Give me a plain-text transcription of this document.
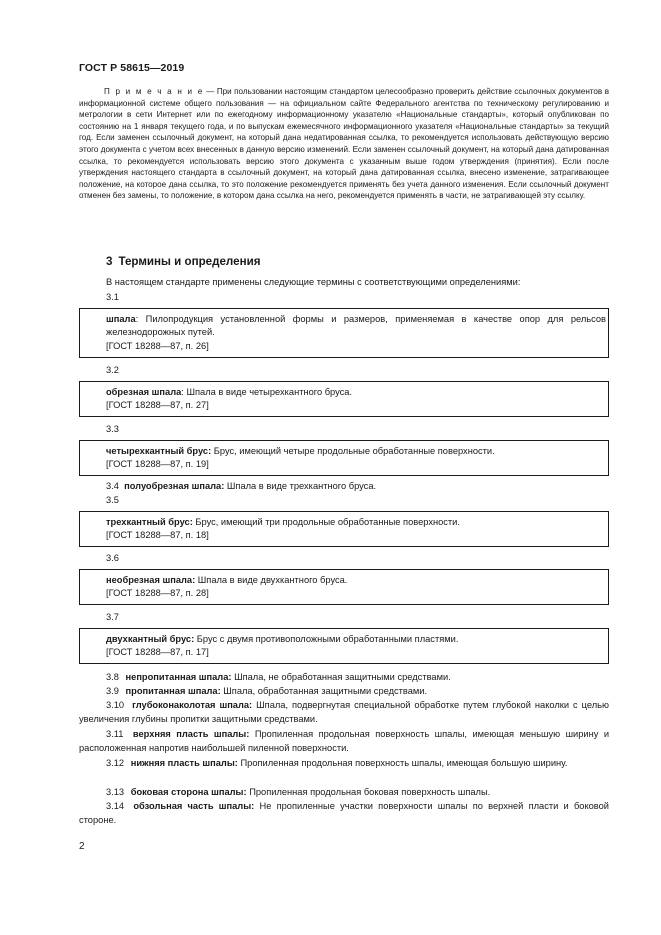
ГОСТ Р 58615—2019
П р и м е ч а н и е — При пользовании настоящим стандартом целесообразно проверить действие ссылочных документов в информационной системе общего пользования — на официальном сайте Федерального агентства по техническому регулированию и метрологии в сети Интернет или по ежегодному информационному указателю «Национальные стандарты», который опубликован по состоянию на 1 января текущего года, и по выпускам ежемесячного информационного указателя «Национальные стандарты» за текущий год. Если заменен ссылочный документ, на который дана недатированная ссылка, то рекомендуется использовать действующую версию этого документа с учетом всех внесенных в данную версию изменений. Если заменен ссылочный документ, на который дана датированная ссылка, то рекомендуется использовать версию этого документа с указанным выше годом утверждения (принятия). Если после утверждения настоящего стандарта в ссылочный документ, на который дана датированная ссылка, внесено изменение, затрагивающее положение, на которое дана ссылка, то это положение рекомендуется применять без учета данного изменения. Если ссылочный документ отменен без замены, то положение, в котором дана ссылка на него, рекомендуется применять в части, не затрагивающей эту ссылку.
3 Термины и определения
В настоящем стандарте применены следующие термины с соответствующими определениями:
3.1
шпала: Пилопродукция установленной формы и размеров, применяемая в качестве опор для рельсов железнодорожных путей.
[ГОСТ 18288—87, п. 26]
3.2
обрезная шпала: Шпала в виде четырехкантного бруса.
[ГОСТ 18288—87, п. 27]
3.3
четырехкантный брус: Брус, имеющий четыре продольные обработанные поверхности.
[ГОСТ 18288—87, п. 19]
3.4 полуобрезная шпала: Шпала в виде трехкантного бруса.
3.5
трехкантный брус: Брус, имеющий три продольные обработанные поверхности.
[ГОСТ 18288—87, п. 18]
3.6
необрезная шпала: Шпала в виде двухкантного бруса.
[ГОСТ 18288—87, п. 28]
3.7
двухкантный брус: Брус с двумя противоположными обработанными пластями.
[ГОСТ 18288—87, п. 17]
3.8 непропитанная шпала: Шпала, не обработанная защитными средствами.
3.9 пропитанная шпала: Шпала, обработанная защитными средствами.
3.10 глубоконаколотая шпала: Шпала, подвергнутая специальной обработке путем глубокой наколки с целью увеличения глубины пропитки защитными средствами.
3.11 верхняя пласть шпалы: Пропиленная продольная поверхность шпалы, имеющая меньшую ширину и расположенная напротив наибольшей пиленной поверхности.
3.12 нижняя пласть шпалы: Пропиленная продольная поверхность шпалы, имеющая большую ширину.
3.13 боковая сторона шпалы: Пропиленная продольная боковая поверхность шпалы.
3.14 обзольная часть шпалы: Не пропиленные участки поверхности шпалы по верхней пласти и боковой стороне.
2
